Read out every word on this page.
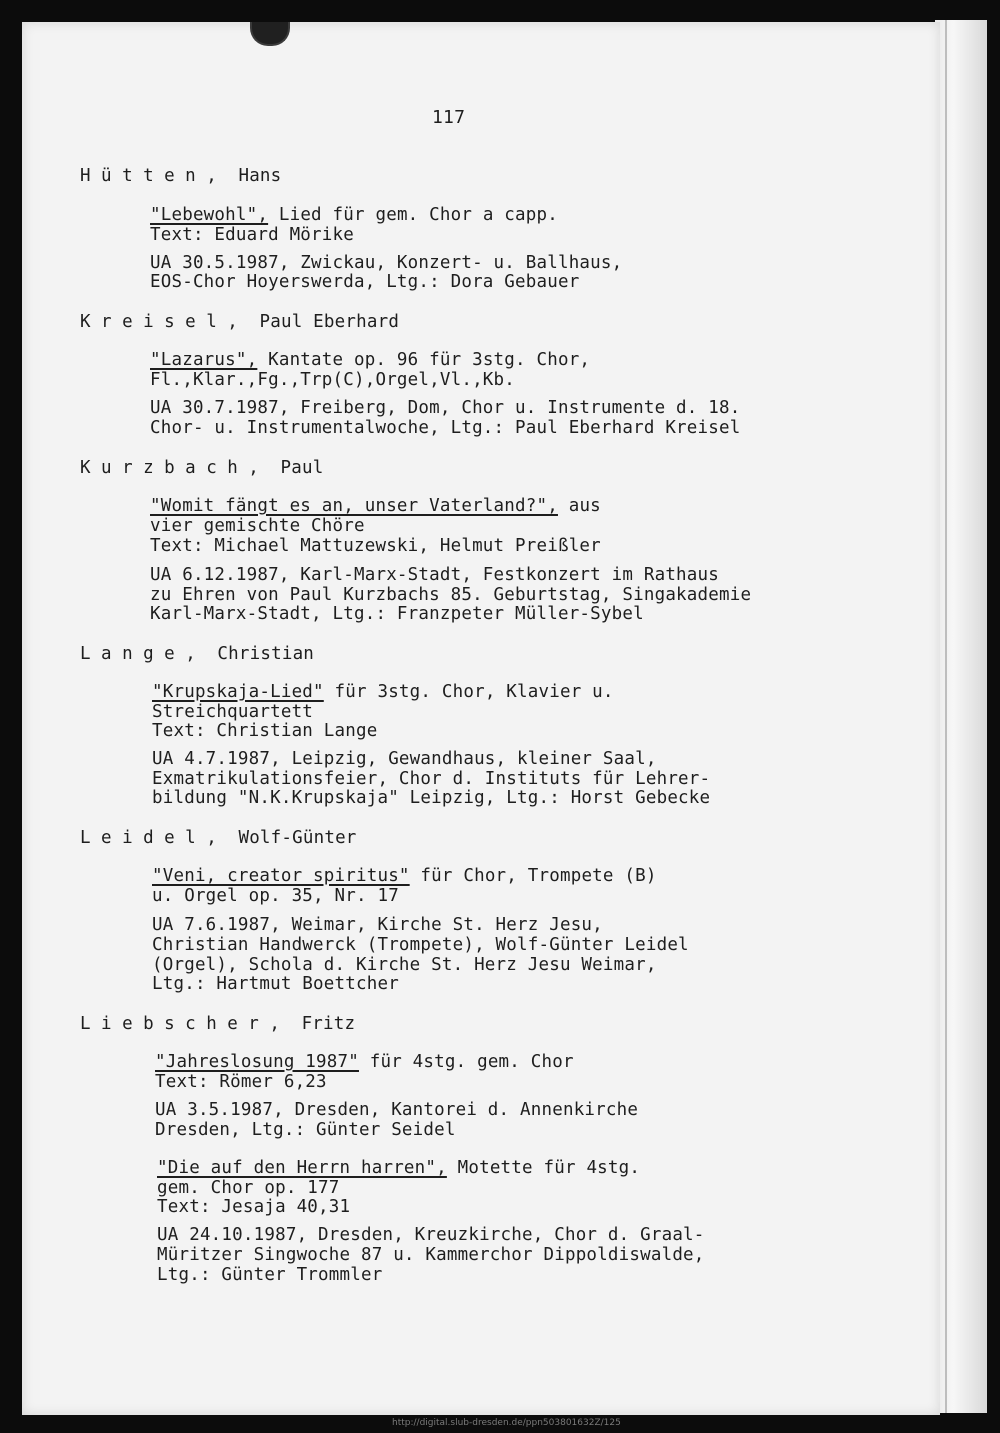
117
Hütten, Hans
"Lebewohl", Lied für gem. Chor a capp.
Text: Eduard Mörike
UA 30.5.1987, Zwickau, Konzert- u. Ballhaus,
EOS-Chor Hoyerswerda, Ltg.: Dora Gebauer
Kreisel, Paul Eberhard
"Lazarus", Kantate op. 96 für 3stg. Chor,
Fl.,Klar.,Fg.,Trp(C),Orgel,Vl.,Kb.
UA 30.7.1987, Freiberg, Dom, Chor u. Instrumente d. 18.
Chor- u. Instrumentalwoche, Ltg.: Paul Eberhard Kreisel
Kurzbach, Paul
"Womit fängt es an, unser Vaterland?", aus
vier gemischte Chöre
Text: Michael Mattuzewski, Helmut Preißler
UA 6.12.1987, Karl-Marx-Stadt, Festkonzert im Rathaus
zu Ehren von Paul Kurzbachs 85. Geburtstag, Singakademie
Karl-Marx-Stadt, Ltg.: Franzpeter Müller-Sybel
Lange, Christian
"Krupskaja-Lied" für 3stg. Chor, Klavier u.
Streichquartett
Text: Christian Lange
UA 4.7.1987, Leipzig, Gewandhaus, kleiner Saal,
Exmatrikulationsfeier, Chor d. Instituts für Lehrer-
bildung "N.K.Krupskaja" Leipzig, Ltg.: Horst Gebecke
Leidel, Wolf-Günter
"Veni, creator spiritus" für Chor, Trompete (B)
u. Orgel op. 35, Nr. 17
UA 7.6.1987, Weimar, Kirche St. Herz Jesu,
Christian Handwerck (Trompete), Wolf-Günter Leidel
(Orgel), Schola d. Kirche St. Herz Jesu Weimar,
Ltg.: Hartmut Boettcher
Liebscher, Fritz
"Jahreslosung 1987" für 4stg. gem. Chor
Text: Römer 6,23
UA 3.5.1987, Dresden, Kantorei d. Annenkirche
Dresden, Ltg.: Günter Seidel
"Die auf den Herrn harren", Motette für 4stg.
gem. Chor op. 177
Text: Jesaja 40,31
UA 24.10.1987, Dresden, Kreuzkirche, Chor d. Graal-
Müritzer Singwoche 87 u. Kammerchor Dippoldiswalde,
Ltg.: Günter Trommler
http://digital.slub-dresden.de/ppn503801632Z/125
